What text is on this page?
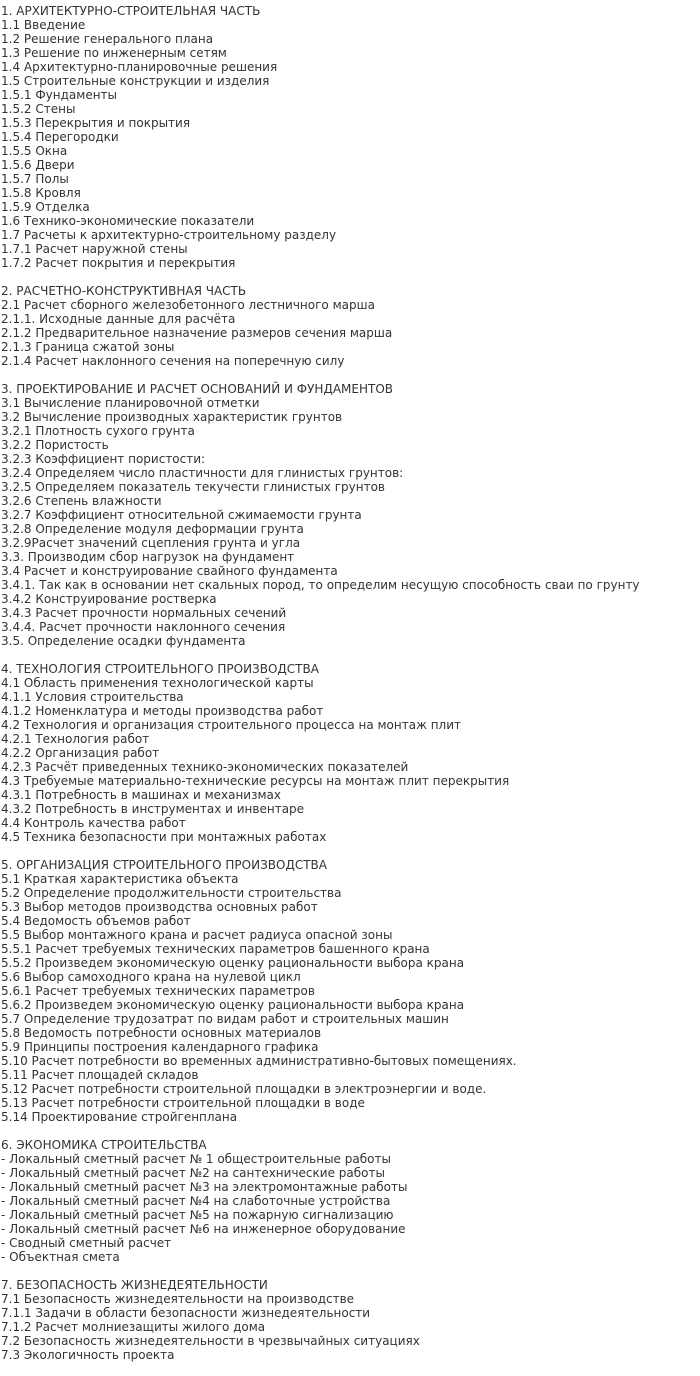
1. АРХИТЕКТУРНО-СТРОИТЕЛЬНАЯ ЧАСТЬ
1.1 Введение
1.2 Решение генерального плана
1.3 Решение по инженерным сетям
1.4 Архитектурно-планировочные решения
1.5 Строительные конструкции и изделия
1.5.1 Фундаменты
1.5.2 Стены
1.5.3 Перекрытия и покрытия
1.5.4 Перегородки
1.5.5 Окна
1.5.6 Двери
1.5.7 Полы
1.5.8 Кровля
1.5.9 Отделка
1.6 Технико-экономические показатели
1.7 Расчеты к архитектурно-строительному разделу
1.7.1 Расчет наружной стены
1.7.2 Расчет покрытия и перекрытия
2. РАСЧЕТНО-КОНСТРУКТИВНАЯ ЧАСТЬ
2.1 Расчет сборного железобетонного лестничного марша
2.1.1. Исходные данные для расчёта
2.1.2 Предварительное назначение размеров сечения марша
2.1.3 Граница сжатой зоны
2.1.4 Расчет наклонного сечения на поперечную силу
3. ПРОЕКТИРОВАНИЕ И РАСЧЕТ ОСНОВАНИЙ И ФУНДАМЕНТОВ
3.1 Вычисление планировочной отметки
3.2 Вычисление производных характеристик грунтов
3.2.1 Плотность сухого грунта
3.2.2 Пористость
3.2.3 Коэффициент пористости:
3.2.4 Определяем число пластичности для глинистых грунтов:
3.2.5 Определяем показатель текучести глинистых грунтов
3.2.6 Степень влажности
3.2.7 Коэффициент относительной сжимаемости грунта
3.2.8 Определение модуля деформации грунта
3.2.9Расчет значений сцепления грунта и угла
3.3. Производим сбор нагрузок на фундамент
3.4 Расчет и конструирование свайного фундамента
3.4.1. Так как в основании нет скальных пород, то определим несущую способность сваи по грунту
3.4.2 Конструирование ростверка
3.4.3 Расчет прочности нормальных сечений
3.4.4. Расчет прочности наклонного сечения
3.5. Определение осадки фундамента
4. ТЕХНОЛОГИЯ СТРОИТЕЛЬНОГО ПРОИЗВОДСТВА
4.1 Область применения технологической карты
4.1.1 Условия строительства
4.1.2 Номенклатура и методы производства работ
4.2 Технология и организация строительного процесса на монтаж плит
4.2.1 Технология работ
4.2.2 Организация работ
4.2.3 Расчёт приведенных технико-экономических показателей
4.3 Требуемые материально-технические ресурсы на монтаж плит перекрытия
4.3.1 Потребность в машинах и механизмах
4.3.2 Потребность в инструментах и инвентаре
4.4 Контроль качества работ
4.5 Техника безопасности при монтажных работах
5. ОРГАНИЗАЦИЯ СТРОИТЕЛЬНОГО ПРОИЗВОДСТВА
5.1 Краткая характеристика объекта
5.2 Определение продолжительности строительства
5.3 Выбор методов производства основных работ
5.4 Ведомость объемов работ
5.5 Выбор монтажного крана и расчет радиуса опасной зоны
5.5.1 Расчет требуемых технических параметров башенного крана
5.5.2 Произведем экономическую оценку рациональности выбора крана
5.6 Выбор самоходного крана на нулевой цикл
5.6.1 Расчет требуемых технических параметров
5.6.2 Произведем экономическую оценку рациональности выбора крана
5.7 Определение трудозатрат по видам работ и строительных машин
5.8 Ведомость потребности основных материалов
5.9 Принципы построения календарного графика
5.10 Расчет потребности во временных административно-бытовых помещениях.
5.11 Расчет площадей складов
5.12 Расчет потребности строительной площадки в электроэнергии и воде.
5.13 Расчет потребности строительной площадки в воде
5.14 Проектирование стройгенплана
6. ЭКОНОМИКА СТРОИТЕЛЬСТВА
- Локальный сметный расчет № 1 общестроительные работы
- Локальный сметный расчет №2 на сантехнические работы
- Локальный сметный расчет №3 на электромонтажные работы
- Локальный сметный расчет №4 на слаботочные устройства
- Локальный сметный расчет №5 на пожарную сигнализацию
- Локальный сметный расчет №6 на инженерное оборудование
- Сводный сметный расчет
- Объектная смета
7. БЕЗОПАСНОСТЬ ЖИЗНЕДЕЯТЕЛЬНОСТИ
7.1 Безопасность жизнедеятельности на производстве
7.1.1 Задачи в области безопасности жизнедеятельности
7.1.2 Расчет молниезащиты жилого дома
7.2 Безопасность жизнедеятельности в чрезвычайных ситуациях
7.3 Экологичность проекта
